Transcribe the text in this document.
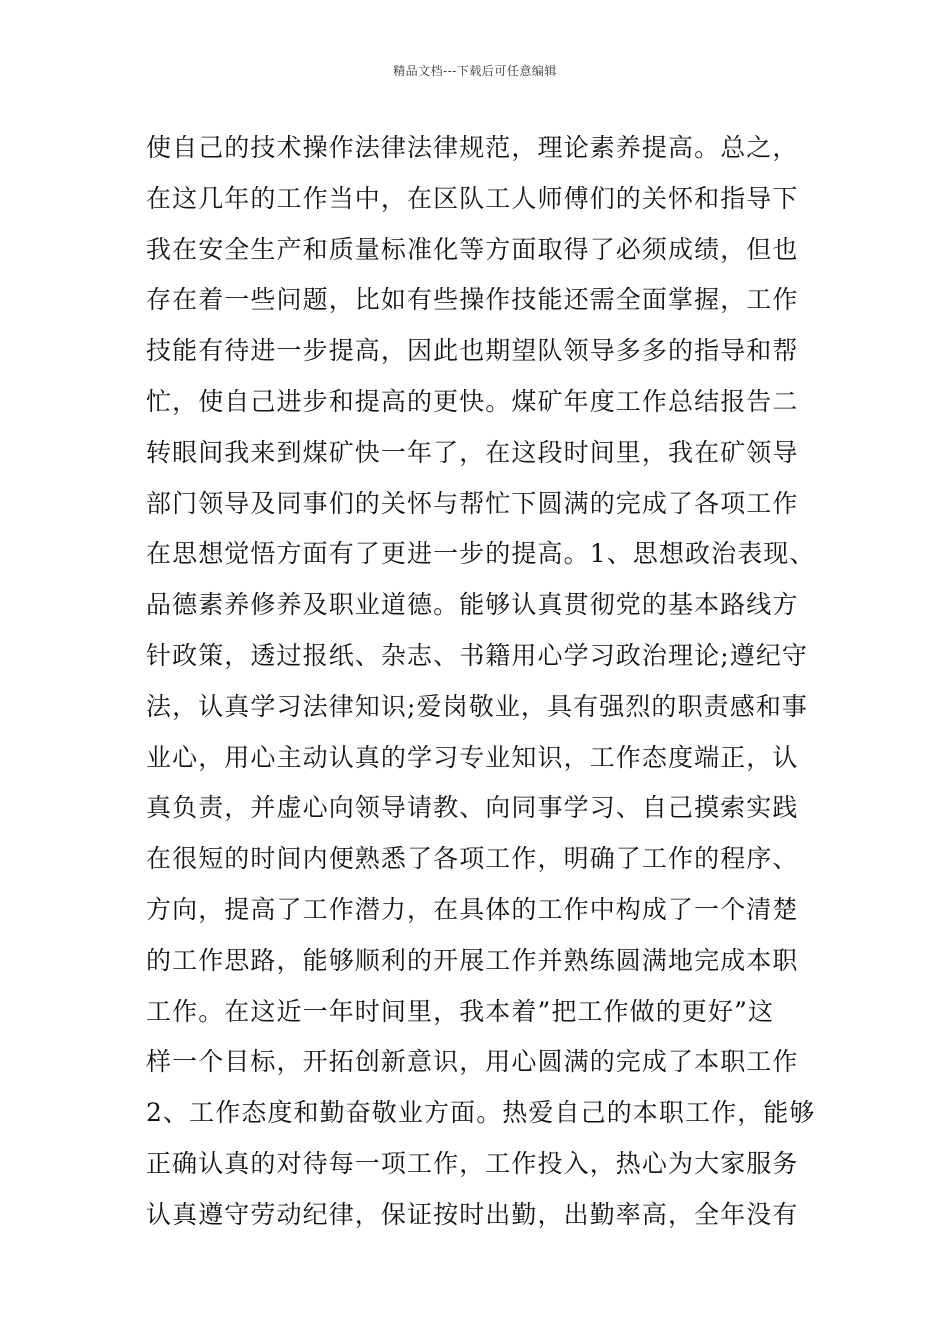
精品文档---下载后可任意编辑
使自己的技术操作法律法律规范，理论素养提高。总之，
在这几年的工作当中，在区队工人师傅们的关怀和指导下
我在安全生产和质量标准化等方面取得了必须成绩，但也
存在着一些问题，比如有些操作技能还需全面掌握，工作
技能有待进一步提高，因此也期望队领导多多的指导和帮
忙，使自己进步和提高的更快。煤矿年度工作总结报告二
转眼间我来到煤矿快一年了，在这段时间里，我在矿领导
部门领导及同事们的关怀与帮忙下圆满的完成了各项工作
在思想觉悟方面有了更进一步的提高。1、思想政治表现、
品德素养修养及职业道德。能够认真贯彻党的基本路线方
针政策，透过报纸、杂志、书籍用心学习政治理论;遵纪守
法，认真学习法律知识;爱岗敬业，具有强烈的职责感和事
业心，用心主动认真的学习专业知识，工作态度端正，认
真负责，并虚心向领导请教、向同事学习、自己摸索实践
在很短的时间内便熟悉了各项工作，明确了工作的程序、
方向，提高了工作潜力，在具体的工作中构成了一个清楚
的工作思路，能够顺利的开展工作并熟练圆满地完成本职
工作。在这近一年时间里，我本着”把工作做的更好”这
样一个目标，开拓创新意识，用心圆满的完成了本职工作
2、工作态度和勤奋敬业方面。热爱自己的本职工作，能够
正确认真的对待每一项工作，工作投入，热心为大家服务
认真遵守劳动纪律，保证按时出勤，出勤率高，全年没有
